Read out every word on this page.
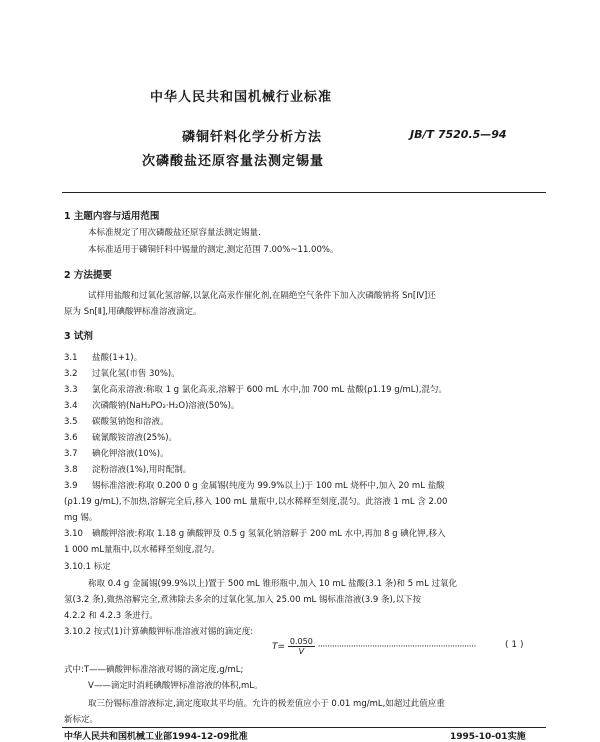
中华人民共和国机械行业标准
磷铜钎料化学分析方法
次磷酸盐还原容量法测定锡量
JB/T 7520.5—94
1 主题内容与适用范围
本标准规定了用次磷酸盐还原容量法测定锡量.
本标准适用于磷铜钎料中锡量的测定,测定范围 7.00%~11.00%。
2 方法提要
试样用盐酸和过氧化氢溶解,以氯化高汞作催化剂,在隔绝空气条件下加入次磷酸钠将 Sn[Ⅳ]还
原为 Sn[Ⅱ],用碘酸钾标准溶液滴定。
3 试剂
3.1 盐酸(1+1)。
3.2 过氧化氢(市售 30%)。
3.3 氯化高汞溶液:称取 1 g 氯化高汞,溶解于 600 mL 水中,加 700 mL 盐酸(ρ1.19 g/mL),混匀。
3.4 次磷酸钠(NaH₂PO₂·H₂O)溶液(50%)。
3.5 碳酸氢钠饱和溶液。
3.6 硫氰酸铵溶液(25%)。
3.7 碘化钾溶液(10%)。
3.8 淀粉溶液(1%),用时配制。
3.9 锡标准溶液:称取 0.200 0 g 金属锡(纯度为 99.9%以上)于 100 mL 烧杯中,加入 20 mL 盐酸
(ρ1.19 g/mL),不加热,溶解完全后,移入 100 mL 量瓶中,以水稀释至刻度,混匀。此溶液 1 mL 含 2.00
mg 锡。
3.10 碘酸钾溶液:称取 1.18 g 碘酸钾及 0.5 g 氢氧化钠溶解于 200 mL 水中,再加 8 g 碘化钾,移入
1 000 mL量瓶中,以水稀释至刻度,混匀。
3.10.1 标定
称取 0.4 g 金属锡(99.9%以上)置于 500 mL 锥形瓶中,加入 10 mL 盐酸(3.1 条)和 5 mL 过氧化
氢(3.2 条),微热溶解完全,煮沸除去多余的过氧化氢,加入 25.00 mL 锡标准溶液(3.9 条),以下按
4.2.2 和 4.2.3 条进行。
3.10.2 按式(1)计算碘酸钾标准溶液对锡的滴定度:
$T= \frac{0.050}{V}$ ···································································	( 1 )
式中:T——碘酸钾标准溶液对锡的滴定度,g/mL;
V——滴定时消耗碘酸钾标准溶液的体积,mL。
取三份锡标准溶液标定,滴定度取其平均值。允许的极差值应小于 0.01 mg/mL,如超过此值应重
新标定。
中华人民共和国机械工业部1994-12-09批准	1995-10-01实施
